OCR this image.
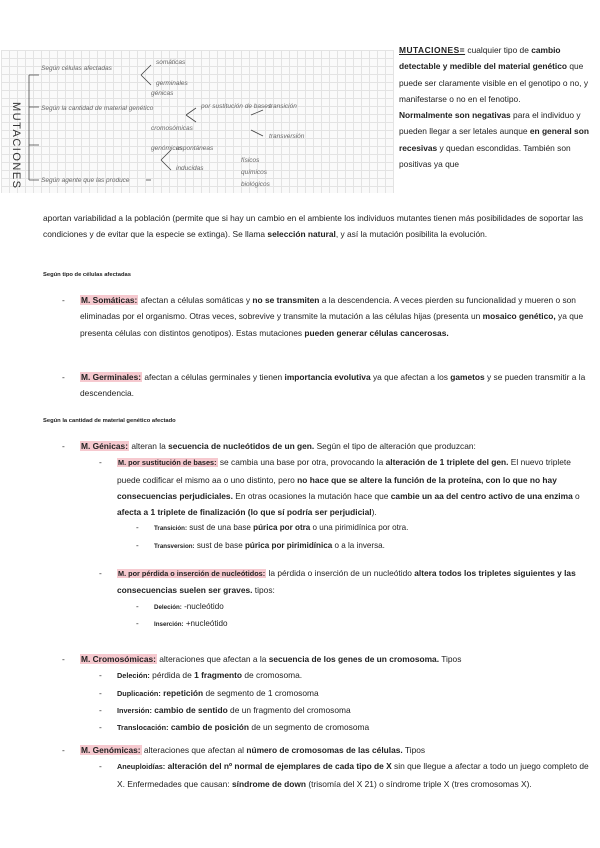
MUTACIONES
Según células afectadas
somáticas
germinales
Según la cantidad de material genético
génicas
por sustitución de bases
transición
transversión
cromosómicas
genómicas
Según agente que las produce
espontáneas
inducidas
físicos
químicos
biológicos

MUTACIONES= cualquier tipo de cambio detectable y medible del material genético que puede ser claramente visible en el genotipo o no, y manifestarse o no en el fenotipo.

Normalmente son negativas para el individuo y pueden llegar a ser letales aunque en general son recesivas y quedan escondidas. También son positivas ya que

aportan variabilidad a la población (permite que si hay un cambio en el ambiente los individuos mutantes tienen más posibilidades de soportar las condiciones y de evitar que la especie se extinga). Se llama selección natural, y así la mutación posibilita la evolución.
Según tipo de células afectadas
- M. Somáticas: afectan a células somáticas y no se transmiten a la descendencia. A veces pierden su funcionalidad y mueren o son eliminadas por el organismo. Otras veces, sobrevive y transmite la mutación a las células hijas (presenta un mosaico genético, ya que presenta células con distintos genotipos). Estas mutaciones pueden generar células cancerosas.
- M. Germinales: afectan a células germinales y tienen importancia evolutiva ya que afectan a los gametos y se pueden transmitir a la descendencia.
Según la cantidad de material genético afectado
- M. Génicas: alteran la secuencia de nucleótidos de un gen. Según el tipo de alteración que produzcan:
- M. por sustitución de bases: se cambia una base por otra, provocando la alteración de 1 triplete del gen. El nuevo triplete puede codificar el mismo aa o uno distinto, pero no hace que se altere la función de la proteína, con lo que no hay consecuencias perjudiciales. En otras ocasiones la mutación hace que cambie un aa del centro activo de una enzima o afecta a 1 triplete de finalización (lo que sí podría ser perjudicial).
- Transición: sust de una base púrica por otra o una pirimidínica por otra.
- Transversion: sust de base púrica por pirimidínica o a la inversa.
- M. por pérdida o inserción de nucleótidos: la pérdida o inserción de un nucleótido altera todos los tripletes siguientes y las consecuencias suelen ser graves. tipos:
- Deleción: -nucleótido
- Inserción: +nucleótido
- M. Cromosómicas: alteraciones que afectan a la secuencia de los genes de un cromosoma. Tipos
- Deleción: pérdida de 1 fragmento de cromosoma.
- Duplicación: repetición de segmento de 1 cromosoma
- Inversión: cambio de sentido de un fragmento del cromosoma
- Translocación: cambio de posición de un segmento de cromosoma
- M. Genómicas: alteraciones que afectan al número de cromosomas de las células. Tipos
- Aneuploidías: alteración del nº normal de ejemplares de cada tipo de X sin que llegue a afectar a todo un juego completo de X. Enfermedades que causan: síndrome de down (trisomía del X 21) o síndrome triple X (tres cromosomas X).
